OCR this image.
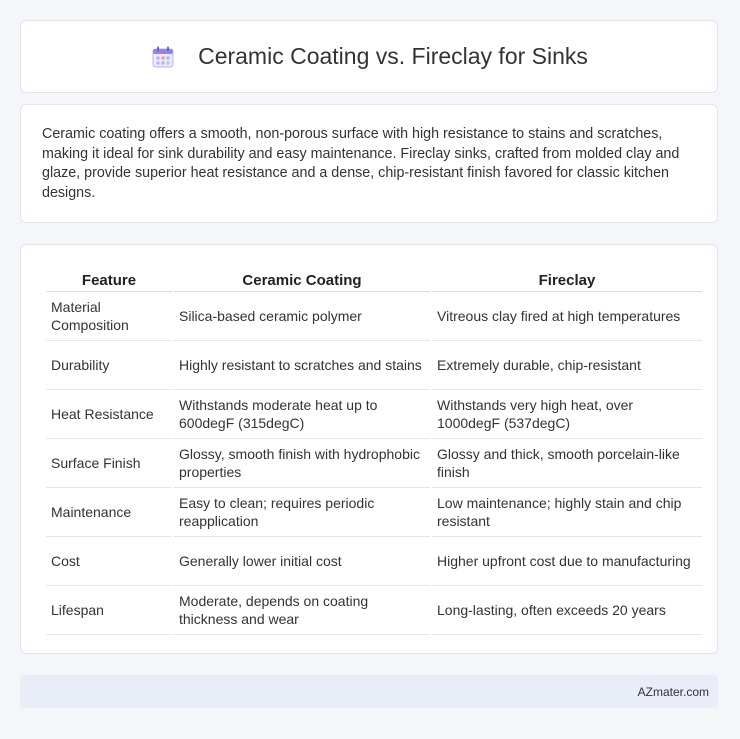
Ceramic Coating vs. Fireclay for Sinks

Ceramic coating offers a smooth, non-porous surface with high resistance to stains and scratches, making it ideal for sink durability and easy maintenance. Fireclay sinks, crafted from molded clay and glaze, provide superior heat resistance and a dense, chip-resistant finish favored for classic kitchen designs.

Feature	Ceramic Coating	Fireclay
Material Composition	Silica-based ceramic polymer	Vitreous clay fired at high temperatures
Durability	Highly resistant to scratches and stains	Extremely durable, chip-resistant
Heat Resistance	Withstands moderate heat up to 600degF (315degC)	Withstands very high heat, over 1000degF (537degC)
Surface Finish	Glossy, smooth finish with hydrophobic properties	Glossy and thick, smooth porcelain-like finish
Maintenance	Easy to clean; requires periodic reapplication	Low maintenance; highly stain and chip resistant
Cost	Generally lower initial cost	Higher upfront cost due to manufacturing
Lifespan	Moderate, depends on coating thickness and wear	Long-lasting, often exceeds 20 years
AZmater.com
